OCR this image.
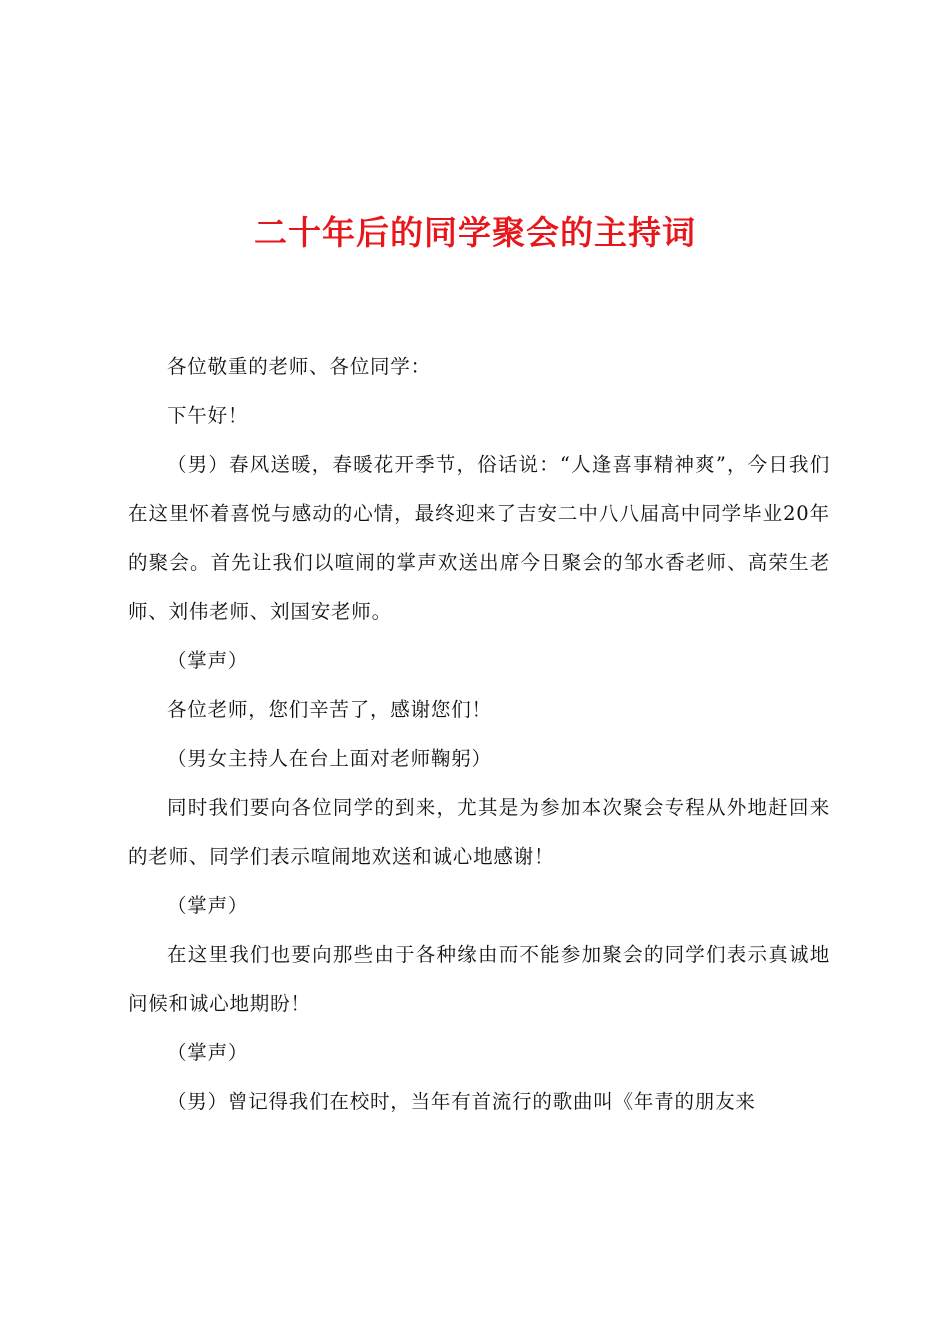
二十年后的同学聚会的主持词

各位敬重的老师、各位同学：

下午好！

（男）春风送暖，春暖花开季节，俗话说：“人逢喜事精神爽”，今日我们在这里怀着喜悦与感动的心情，最终迎来了吉安二中八八届高中同学毕业20年的聚会。首先让我们以喧闹的掌声欢送出席今日聚会的邹水香老师、高荣生老师、刘伟老师、刘国安老师。

（掌声）

各位老师，您们辛苦了，感谢您们！

（男女主持人在台上面对老师鞠躬）

同时我们要向各位同学的到来，尤其是为参加本次聚会专程从外地赶回来的老师、同学们表示喧闹地欢送和诚心地感谢！

（掌声）

在这里我们也要向那些由于各种缘由而不能参加聚会的同学们表示真诚地问候和诚心地期盼！

（掌声）

（男）曾记得我们在校时，当年有首流行的歌曲叫《年青的朋友来
